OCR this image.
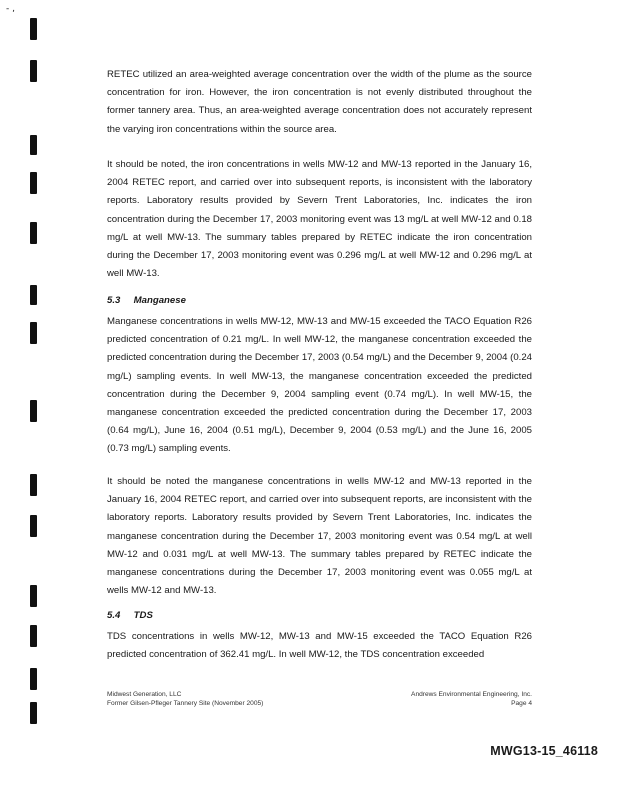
- ,

RETEC utilized an area-weighted average concentration over the width of the plume as the source concentration for iron. However, the iron concentration is not evenly distributed throughout the former tannery area. Thus, an area-weighted average concentration does not accurately represent the varying iron concentrations within the source area.

It should be noted, the iron concentrations in wells MW-12 and MW-13 reported in the January 16, 2004 RETEC report, and carried over into subsequent reports, is inconsistent with the laboratory reports. Laboratory results provided by Severn Trent Laboratories, Inc. indicates the iron concentration during the December 17, 2003 monitoring event was 13 mg/L at well MW-12 and 0.18 mg/L at well MW-13. The summary tables prepared by RETEC indicate the iron concentration during the December 17, 2003 monitoring event was 0.296 mg/L at well MW-12 and 0.296 mg/L at well MW-13.

5.3 Manganese

Manganese concentrations in wells MW-12, MW-13 and MW-15 exceeded the TACO Equation R26 predicted concentration of 0.21 mg/L. In well MW-12, the manganese concentration exceeded the predicted concentration during the December 17, 2003 (0.54 mg/L) and the December 9, 2004 (0.24 mg/L) sampling events. In well MW-13, the manganese concentration exceeded the predicted concentration during the December 9, 2004 sampling event (0.74 mg/L). In well MW-15, the manganese concentration exceeded the predicted concentration during the December 17, 2003 (0.64 mg/L), June 16, 2004 (0.51 mg/L), December 9, 2004 (0.53 mg/L) and the June 16, 2005 (0.73 mg/L) sampling events.

It should be noted the manganese concentrations in wells MW-12 and MW-13 reported in the January 16, 2004 RETEC report, and carried over into subsequent reports, are inconsistent with the laboratory reports. Laboratory results provided by Severn Trent Laboratories, Inc. indicates the manganese concentration during the December 17, 2003 monitoring event was 0.54 mg/L at well MW-12 and 0.031 mg/L at well MW-13. The summary tables prepared by RETEC indicate the manganese concentrations during the December 17, 2003 monitoring event was 0.055 mg/L at wells MW-12 and MW-13.

5.4 TDS

TDS concentrations in wells MW-12, MW-13 and MW-15 exceeded the TACO Equation R26 predicted concentration of 362.41 mg/L. In well MW-12, the TDS concentration exceeded

Midwest Generation, LLC
Former Gilsen-Pfleger Tannery Site (November 2005)
Andrews Environmental Engineering, Inc.
Page 4
MWG13-15_46118
